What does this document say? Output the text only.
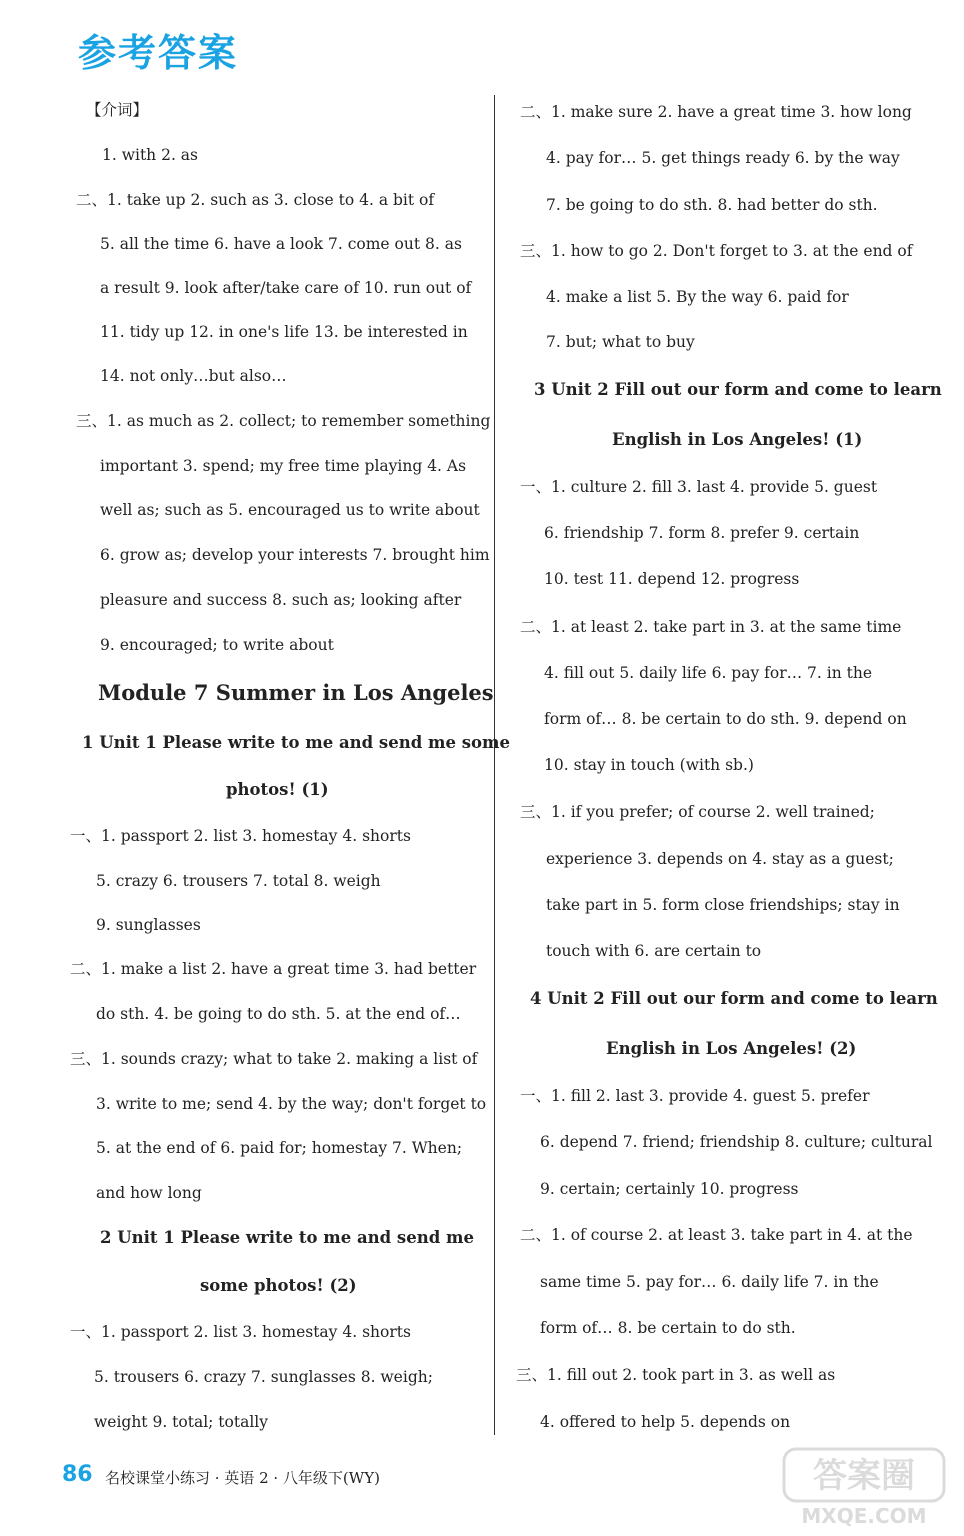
参考答案
【介词】
1. with 2. as
二、1. take up 2. such as 3. close to 4. a bit of
5. all the time 6. have a look 7. come out 8. as
a result 9. look after/take care of 10. run out of
11. tidy up 12. in one's life 13. be interested in
14. not only…but also…
三、1. as much as 2. collect; to remember something
important 3. spend; my free time playing 4. As
well as; such as 5. encouraged us to write about
6. grow as; develop your interests 7. brought him
pleasure and success 8. such as; looking after
9. encouraged; to write about
Module 7 Summer in Los Angeles
1 Unit 1 Please write to me and send me some
photos! (1)
一、1. passport 2. list 3. homestay 4. shorts
5. crazy 6. trousers 7. total 8. weigh
9. sunglasses
二、1. make a list 2. have a great time 3. had better
do sth. 4. be going to do sth. 5. at the end of…
三、1. sounds crazy; what to take 2. making a list of
3. write to me; send 4. by the way; don't forget to
5. at the end of 6. paid for; homestay 7. When;
and how long
2 Unit 1 Please write to me and send me
some photos! (2)
一、1. passport 2. list 3. homestay 4. shorts
5. trousers 6. crazy 7. sunglasses 8. weigh;
weight 9. total; totally
二、1. make sure 2. have a great time 3. how long
4. pay for… 5. get things ready 6. by the way
7. be going to do sth. 8. had better do sth.
三、1. how to go 2. Don't forget to 3. at the end of
4. make a list 5. By the way 6. paid for
7. but; what to buy
3 Unit 2 Fill out our form and come to learn
English in Los Angeles! (1)
一、1. culture 2. fill 3. last 4. provide 5. guest
6. friendship 7. form 8. prefer 9. certain
10. test 11. depend 12. progress
二、1. at least 2. take part in 3. at the same time
4. fill out 5. daily life 6. pay for… 7. in the
form of… 8. be certain to do sth. 9. depend on
10. stay in touch (with sb.)
三、1. if you prefer; of course 2. well trained;
experience 3. depends on 4. stay as a guest;
take part in 5. form close friendships; stay in
touch with 6. are certain to
4 Unit 2 Fill out our form and come to learn
English in Los Angeles! (2)
一、1. fill 2. last 3. provide 4. guest 5. prefer
6. depend 7. friend; friendship 8. culture; cultural
9. certain; certainly 10. progress
二、1. of course 2. at least 3. take part in 4. at the
same time 5. pay for… 6. daily life 7. in the
form of… 8. be certain to do sth.
三、1. fill out 2. took part in 3. as well as
4. offered to help 5. depends on
86 名校课堂小练习 · 英语 2 · 八年级下(WY)	答案圈
MXQE.COM
